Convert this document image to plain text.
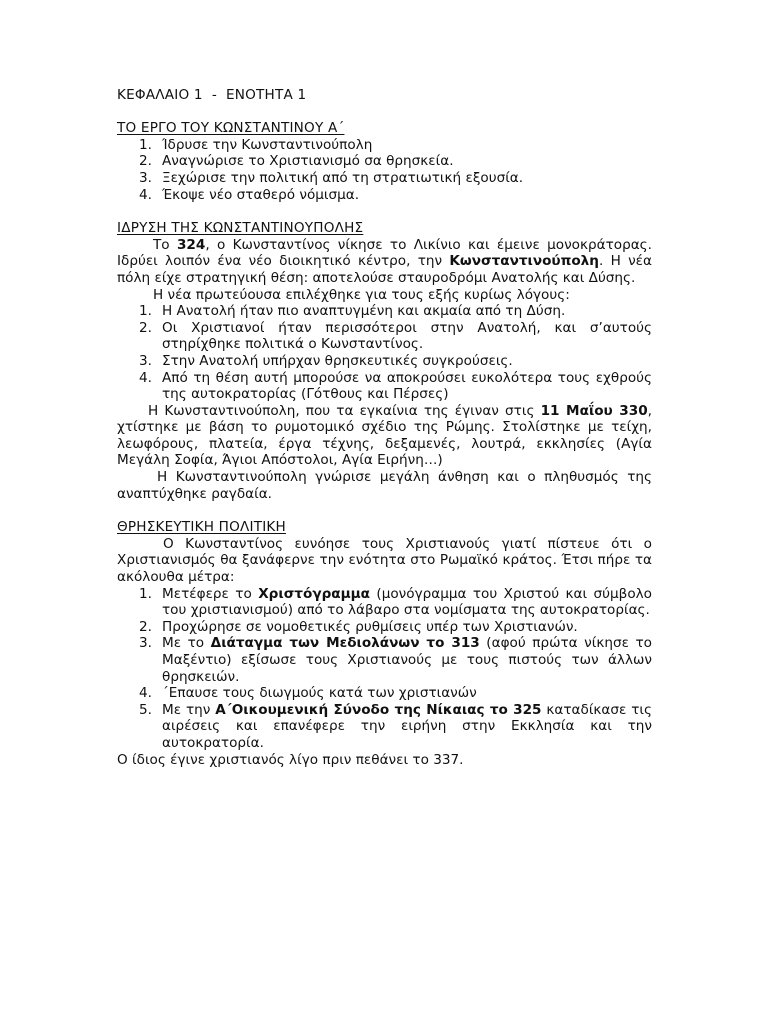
ΚΕΦΑΛΑΙΟ 1  -  ΕΝΟΤΗΤΑ 1
ΤΟ ΕΡΓΟ ΤΟΥ ΚΩΝΣΤΑΝΤΙΝΟΥ Α΄
1. Ίδρυσε την Κωνσταντινούπολη
2. Αναγνώρισε το Χριστιανισμό σα θρησκεία.
3. Ξεχώρισε την πολιτική από τη στρατιωτική εξουσία.
4. Έκοψε νέο σταθερό νόμισμα.
ΙΔΡΥΣΗ ΤΗΣ ΚΩΝΣΤΑΝΤΙΝΟΥΠΟΛΗΣ

Το 324, ο Κωνσταντίνος νίκησε το Λικίνιο και έμεινε μονοκράτορας. Ιδρύει λοιπόν ένα νέο διοικητικό κέντρο, την Κωνσταντινούπολη. Η νέα πόλη είχε στρατηγική θέση: αποτελούσε σταυροδρόμι Ανατολής και Δύσης.

Η νέα πρωτεύουσα επιλέχθηκε για τους εξής κυρίως λόγους:

1. Η Ανατολή ήταν πιο αναπτυγμένη και ακμαία από τη Δύση.
2. Οι Χριστιανοί ήταν περισσότεροι στην Ανατολή, και σ’αυτούς στηρίχθηκε πολιτικά ο Κωνσταντίνος.
3. Στην Ανατολή υπήρχαν θρησκευτικές συγκρούσεις.
4. Από τη θέση αυτή μπορούσε να αποκρούσει ευκολότερα τους εχθρούς της αυτοκρατορίας (Γότθους και Πέρσες)

Η Κωνσταντινούπολη, που τα εγκαίνια της έγιναν στις 11 Μαΐου 330, χτίστηκε με βάση το ρυμοτομικό σχέδιο της Ρώμης. Στολίστηκε με τείχη, λεωφόρους, πλατεία, έργα τέχνης, δεξαμενές, λουτρά, εκκλησίες (Αγία Μεγάλη Σοφία, Άγιοι Απόστολοι, Αγία Ειρήνη…)

Η Κωνσταντινούπολη γνώρισε μεγάλη άνθηση και ο πληθυσμός της αναπτύχθηκε ραγδαία.

ΘΡΗΣΚΕΥΤΙΚΗ ΠΟΛΙΤΙΚΗ

Ο Κωνσταντίνος ευνόησε τους Χριστιανούς γιατί πίστευε ότι ο Χριστιανισμός θα ξανάφερνε την ενότητα στο Ρωμαϊκό κράτος. Έτσι πήρε τα ακόλουθα μέτρα:

1. Μετέφερε το Χριστόγραμμα (μονόγραμμα του Χριστού και σύμβολο του χριστιανισμού) από το λάβαρο στα νομίσματα της αυτοκρατορίας.
2. Προχώρησε σε νομοθετικές ρυθμίσεις υπέρ των Χριστιανών.
3. Με το Διάταγμα των Μεδιολάνων το 313 (αφού πρώτα νίκησε το Μαξέντιο) εξίσωσε τους Χριστιανούς με τους πιστούς των άλλων θρησκειών.
4. ΄Επαυσε τους διωγμούς κατά των χριστιανών
5. Με την Α΄Οικουμενική Σύνοδο της Νίκαιας το 325 καταδίκασε τις αιρέσεις και επανέφερε την ειρήνη στην Εκκλησία και την αυτοκρατορία.

Ο ίδιος έγινε χριστιανός λίγο πριν πεθάνει το 337.
